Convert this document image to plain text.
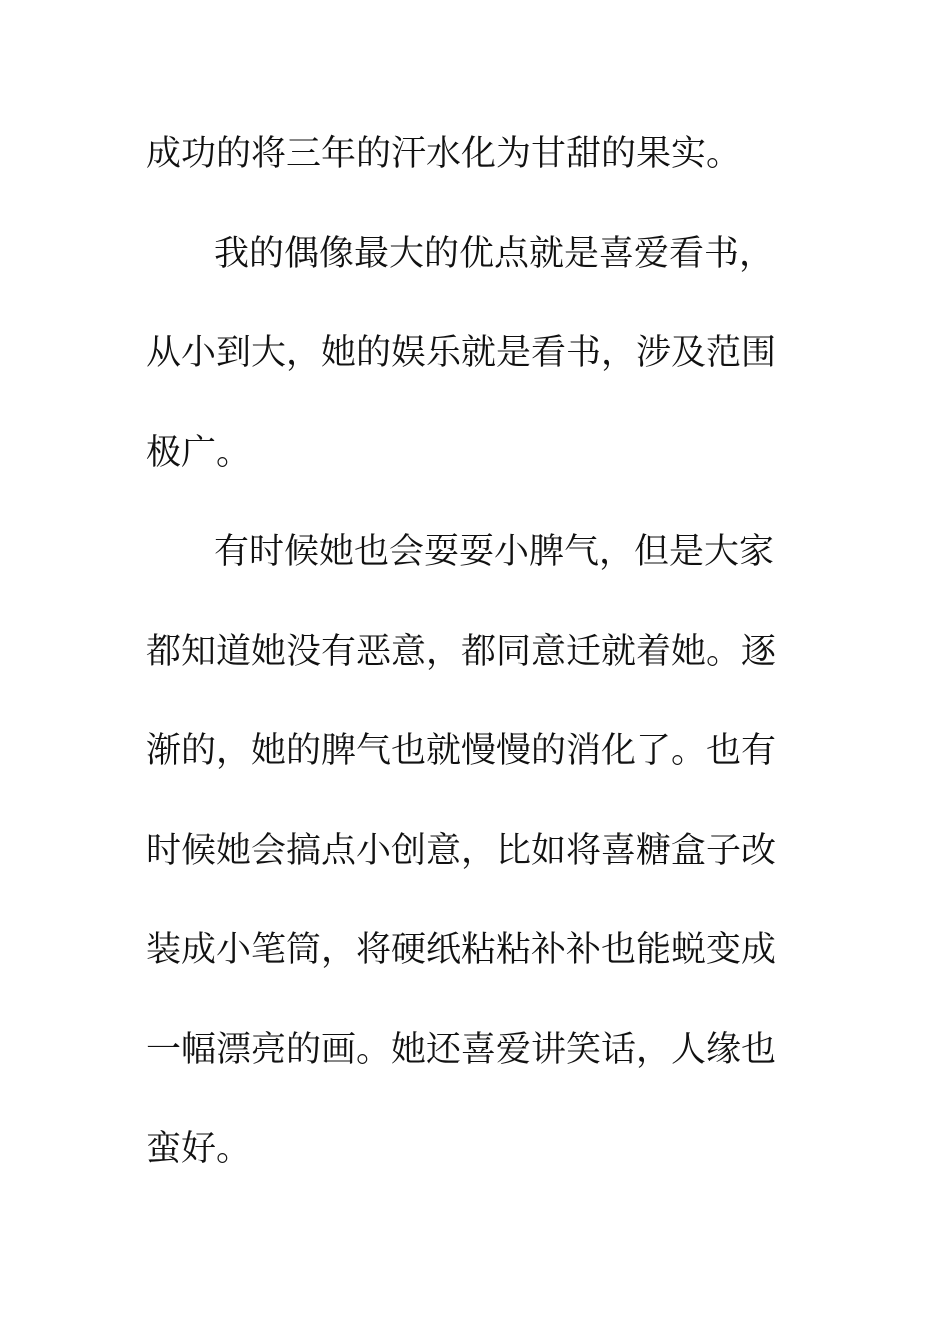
成功的将三年的汗水化为甘甜的果实。

我的偶像最大的优点就是喜爱看书，

从小到大，她的娱乐就是看书，涉及范围

极广。

有时候她也会耍耍小脾气，但是大家

都知道她没有恶意，都同意迁就着她。逐

渐的，她的脾气也就慢慢的消化了。也有

时候她会搞点小创意，比如将喜糖盒子改

装成小笔筒，将硬纸粘粘补补也能蜕变成

一幅漂亮的画。她还喜爱讲笑话，人缘也

蛮好。
